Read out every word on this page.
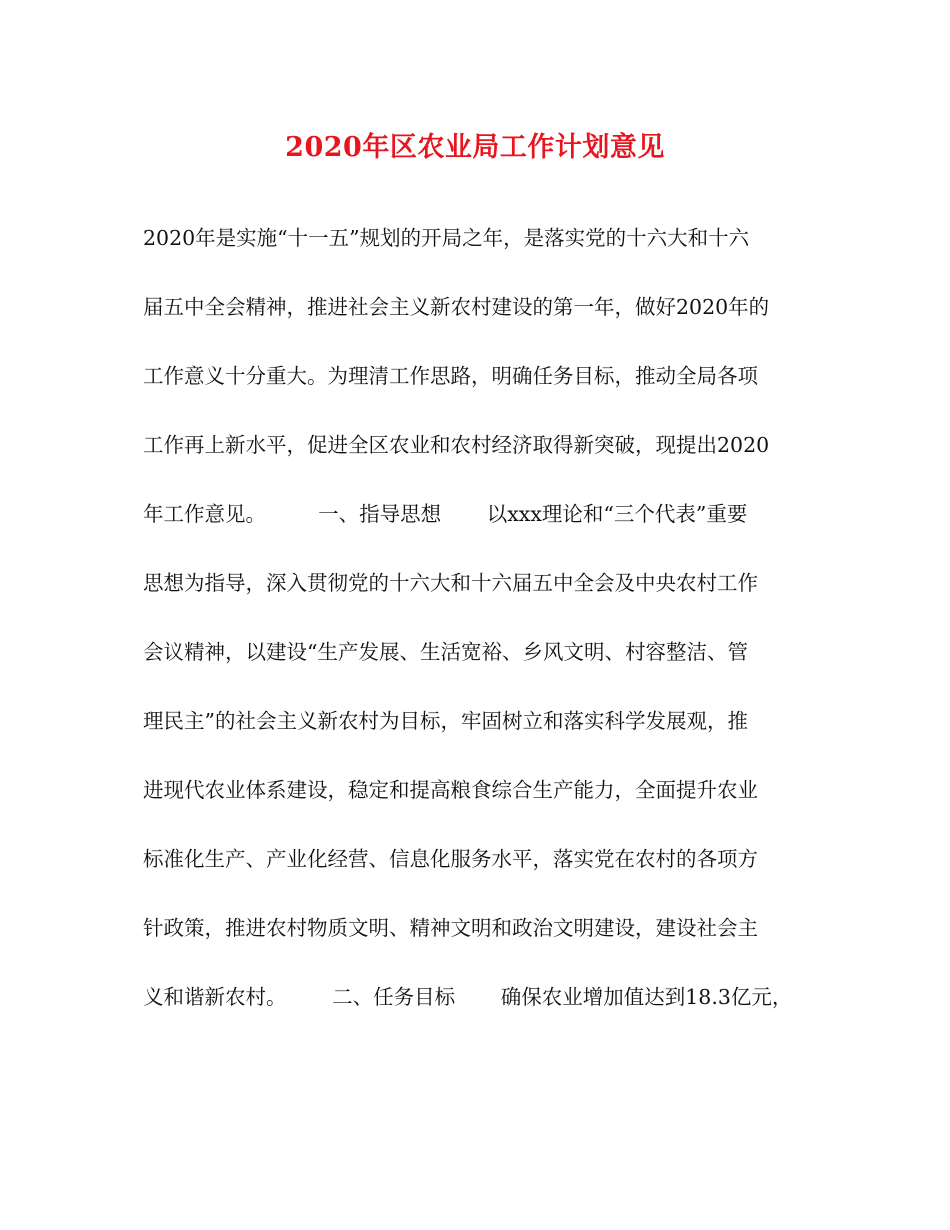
2020年区农业局工作计划意见

2020年是实施“十一五”规划的开局之年，是落实党的十六大和十六

届五中全会精神，推进社会主义新农村建设的第一年，做好2020年的

工作意义十分重大。为理清工作思路，明确任务目标，推动全局各项

工作再上新水平，促进全区农业和农村经济取得新突破，现提出2020

年工作意见。        一、指导思想       以xxx理论和“三个代表”重要

思想为指导，深入贯彻党的十六大和十六届五中全会及中央农村工作

会议精神，以建设“生产发展、生活宽裕、乡风文明、村容整洁、管

理民主”的社会主义新农村为目标，牢固树立和落实科学发展观，推

进现代农业体系建设，稳定和提高粮食综合生产能力，全面提升农业

标准化生产、产业化经营、信息化服务水平，落实党在农村的各项方

针政策，推进农村物质文明、精神文明和政治文明建设，建设社会主

义和谐新农村。       二、任务目标       确保农业增加值达到18.3亿元，
